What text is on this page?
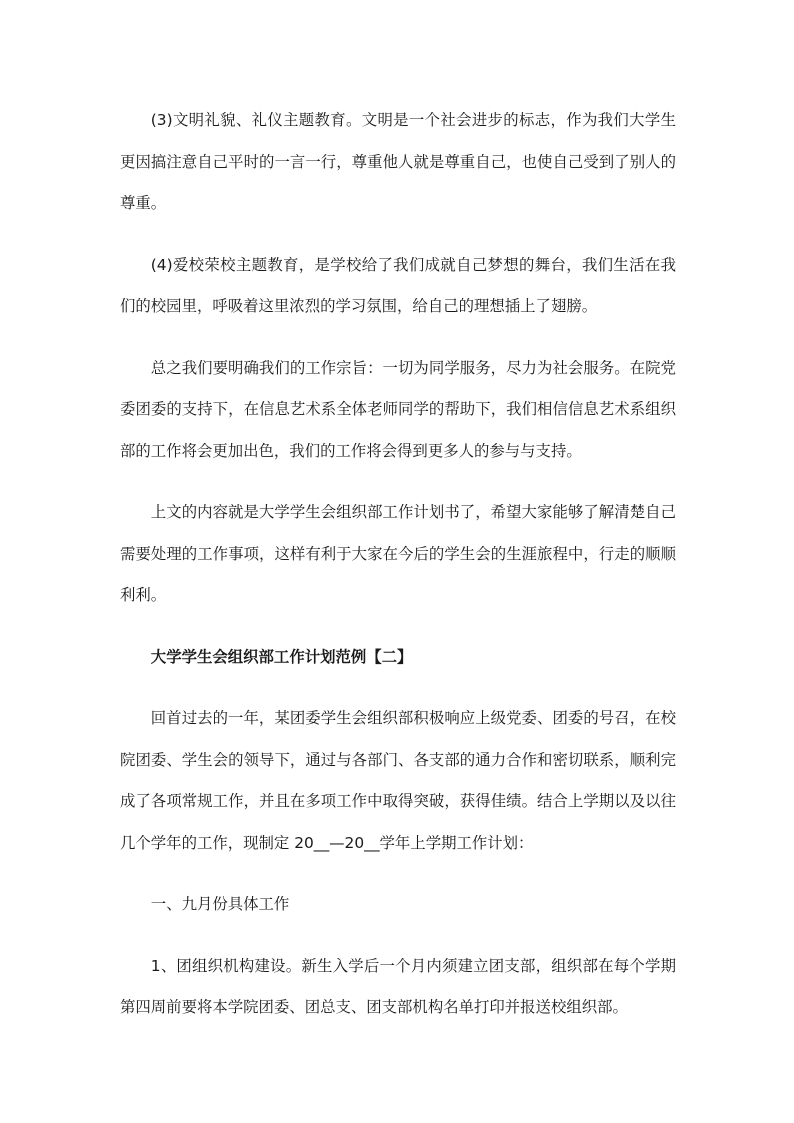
(3)文明礼貌、礼仪主题教育。文明是一个社会进步的标志，作为我们大学生更因搞注意自己平时的一言一行，尊重他人就是尊重自己，也使自己受到了别人的尊重。

(4)爱校荣校主题教育，是学校给了我们成就自己梦想的舞台，我们生活在我们的校园里，呼吸着这里浓烈的学习氛围，给自己的理想插上了翅膀。

总之我们要明确我们的工作宗旨：一切为同学服务，尽力为社会服务。在院党委团委的支持下，在信息艺术系全体老师同学的帮助下，我们相信信息艺术系组织部的工作将会更加出色，我们的工作将会得到更多人的参与与支持。

上文的内容就是大学学生会组织部工作计划书了，希望大家能够了解清楚自己需要处理的工作事项，这样有利于大家在今后的学生会的生涯旅程中，行走的顺顺利利。

大学学生会组织部工作计划范例【二】

回首过去的一年，某团委学生会组织部积极响应上级党委、团委的号召，在校院团委、学生会的领导下，通过与各部门、各支部的通力合作和密切联系，顺利完成了各项常规工作，并且在多项工作中取得突破，获得佳绩。结合上学期以及以往几个学年的工作，现制定 20__—20__学年上学期工作计划：

一、九月份具体工作

1、团组织机构建设。新生入学后一个月内须建立团支部，组织部在每个学期第四周前要将本学院团委、团总支、团支部机构名单打印并报送校组织部。
